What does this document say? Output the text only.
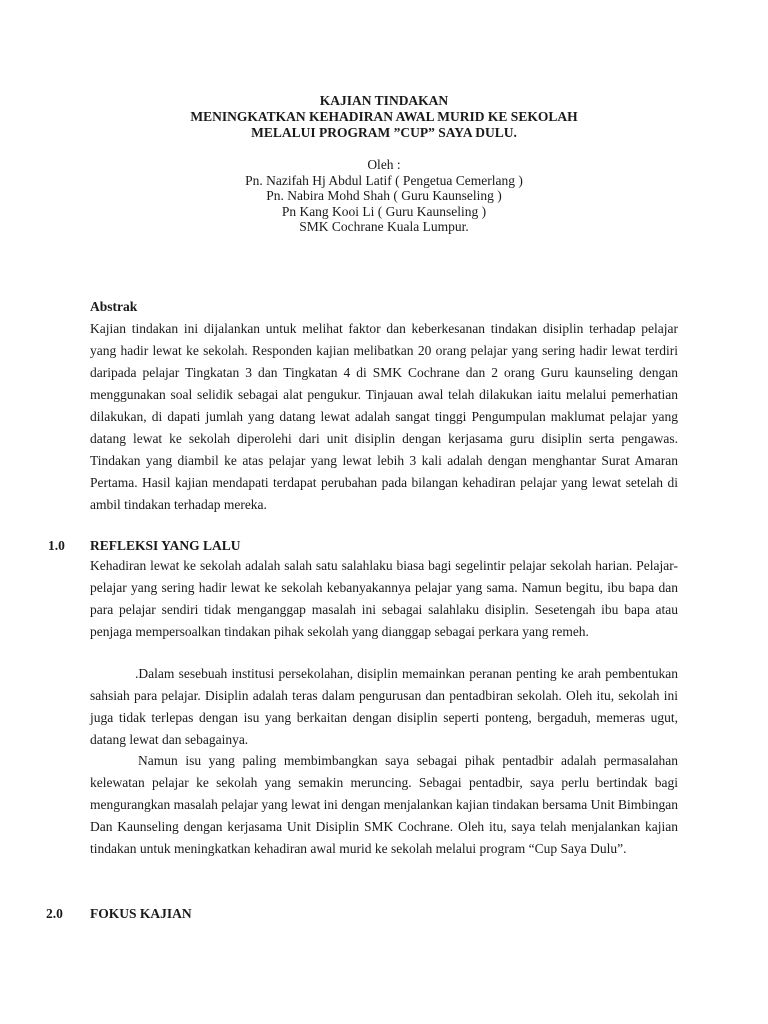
KAJIAN TINDAKAN
MENINGKATKAN KEHADIRAN AWAL MURID KE SEKOLAH
MELALUI PROGRAM ”CUP” SAYA DULU.
Oleh :
Pn. Nazifah Hj Abdul Latif ( Pengetua Cemerlang )
Pn. Nabira Mohd Shah ( Guru Kaunseling )
Pn Kang Kooi Li ( Guru Kaunseling )
SMK Cochrane Kuala Lumpur.
Abstrak

Kajian tindakan ini dijalankan untuk melihat faktor dan keberkesanan tindakan disiplin terhadap pelajar yang hadir lewat ke sekolah. Responden kajian melibatkan 20 orang pelajar yang sering hadir lewat terdiri daripada pelajar Tingkatan 3 dan Tingkatan 4 di SMK Cochrane dan 2 orang Guru kaunseling dengan menggunakan soal selidik sebagai alat pengukur. Tinjauan awal telah dilakukan iaitu melalui pemerhatian dilakukan, di dapati jumlah yang datang lewat adalah sangat tinggi Pengumpulan maklumat pelajar yang datang lewat ke sekolah diperolehi dari unit disiplin dengan kerjasama guru disiplin serta pengawas. Tindakan yang diambil ke atas pelajar yang lewat lebih 3 kali adalah dengan menghantar Surat Amaran Pertama. Hasil kajian mendapati terdapat perubahan pada bilangan kehadiran pelajar yang lewat setelah di ambil tindakan terhadap mereka.

1.0 REFLEKSI YANG LALU

Kehadiran lewat ke sekolah adalah salah satu salahlaku biasa bagi segelintir pelajar sekolah harian. Pelajar-pelajar yang sering hadir lewat ke sekolah kebanyakannya pelajar yang sama. Namun begitu, ibu bapa dan para pelajar sendiri tidak menganggap masalah ini sebagai salahlaku disiplin. Sesetengah ibu bapa atau penjaga mempersoalkan tindakan pihak sekolah yang dianggap sebagai perkara yang remeh.

.Dalam sesebuah institusi persekolahan, disiplin memainkan peranan penting ke arah pembentukan sahsiah para pelajar. Disiplin adalah teras dalam pengurusan dan pentadbiran sekolah. Oleh itu, sekolah ini juga tidak terlepas dengan isu yang berkaitan dengan disiplin seperti ponteng, bergaduh, memeras ugut, datang lewat dan sebagainya.

Namun isu yang paling membimbangkan saya sebagai pihak pentadbir adalah permasalahan kelewatan pelajar ke sekolah yang semakin meruncing. Sebagai pentadbir, saya perlu bertindak bagi mengurangkan masalah pelajar yang lewat ini dengan menjalankan kajian tindakan bersama Unit Bimbingan Dan Kaunseling dengan kerjasama Unit Disiplin SMK Cochrane. Oleh itu, saya telah menjalankan kajian tindakan untuk meningkatkan kehadiran awal murid ke sekolah melalui program “Cup Saya Dulu”.

2.0 FOKUS KAJIAN
